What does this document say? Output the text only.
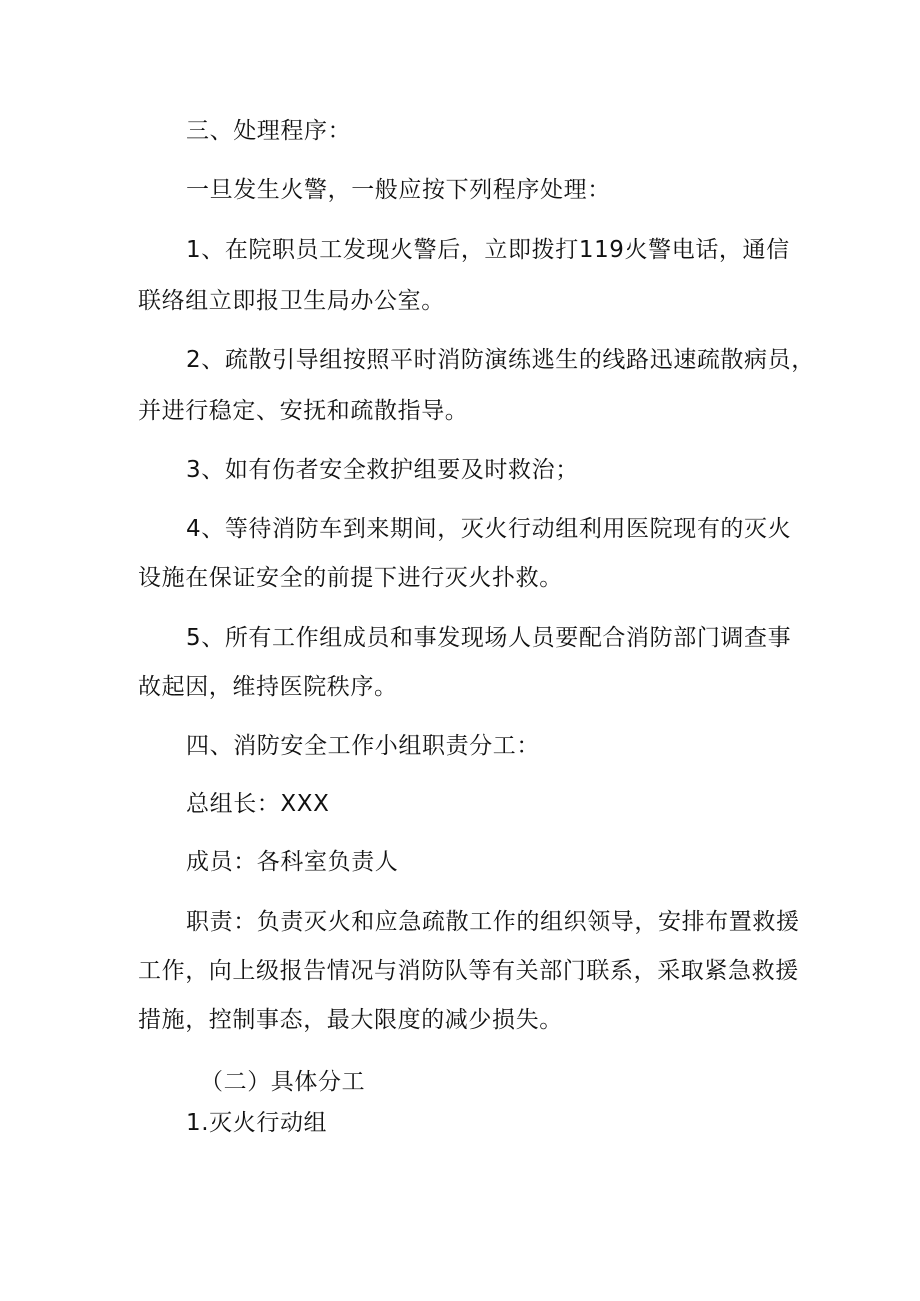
三、处理程序：
一旦发生火警，一般应按下列程序处理：
1、在院职员工发现火警后，立即拨打119火警电话，通信
联络组立即报卫生局办公室。
2、疏散引导组按照平时消防演练逃生的线路迅速疏散病员，
并进行稳定、安抚和疏散指导。
3、如有伤者安全救护组要及时救治；
4、等待消防车到来期间，灭火行动组利用医院现有的灭火
设施在保证安全的前提下进行灭火扑救。
5、所有工作组成员和事发现场人员要配合消防部门调查事
故起因，维持医院秩序。
四、消防安全工作小组职责分工：
总组长：XXX
成员：各科室负责人
职责：负责灭火和应急疏散工作的组织领导，安排布置救援
工作，向上级报告情况与消防队等有关部门联系，采取紧急救援
措施，控制事态，最大限度的减少损失。
（二）具体分工
1.灭火行动组
